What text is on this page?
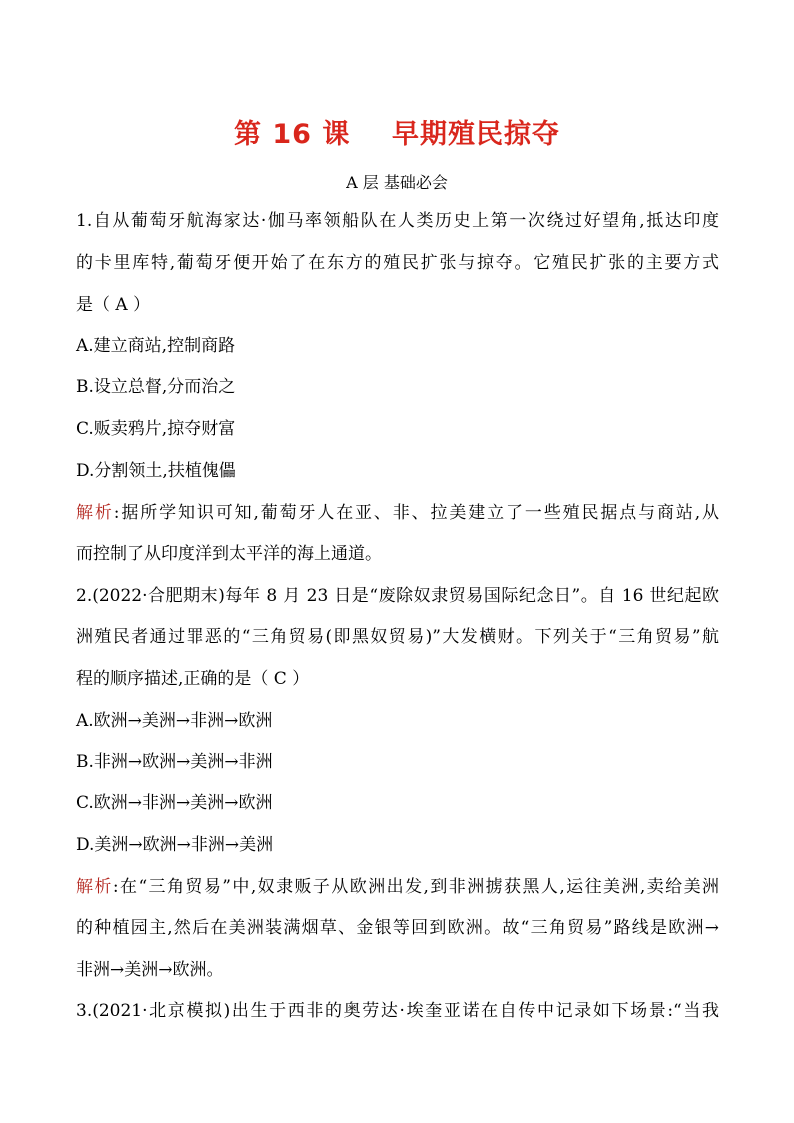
第 16 课    早期殖民掠夺
A 层 基础必会
1.自从葡萄牙航海家达·伽马率领船队在人类历史上第一次绕过好望角,抵达印度
的卡里库特,葡萄牙便开始了在东方的殖民扩张与掠夺。它殖民扩张的主要方式
是（ A ）
A.建立商站,控制商路
B.设立总督,分而治之
C.贩卖鸦片,掠夺财富
D.分割领土,扶植傀儡
解析:据所学知识可知,葡萄牙人在亚、非、拉美建立了一些殖民据点与商站,从
而控制了从印度洋到太平洋的海上通道。
2.(2022·合肥期末)每年 8 月 23 日是“废除奴隶贸易国际纪念日”。自 16 世纪起欧
洲殖民者通过罪恶的“三角贸易(即黑奴贸易)”大发横财。下列关于“三角贸易”航
程的顺序描述,正确的是（ C ）
A.欧洲→美洲→非洲→欧洲
B.非洲→欧洲→美洲→非洲
C.欧洲→非洲→美洲→欧洲
D.美洲→欧洲→非洲→美洲
解析:在“三角贸易”中,奴隶贩子从欧洲出发,到非洲掳获黑人,运往美洲,卖给美洲
的种植园主,然后在美洲装满烟草、金银等回到欧洲。故“三角贸易”路线是欧洲→
非洲→美洲→欧洲。
3.(2021·北京模拟)出生于西非的奥劳达·埃奎亚诺在自传中记录如下场景:“当我
